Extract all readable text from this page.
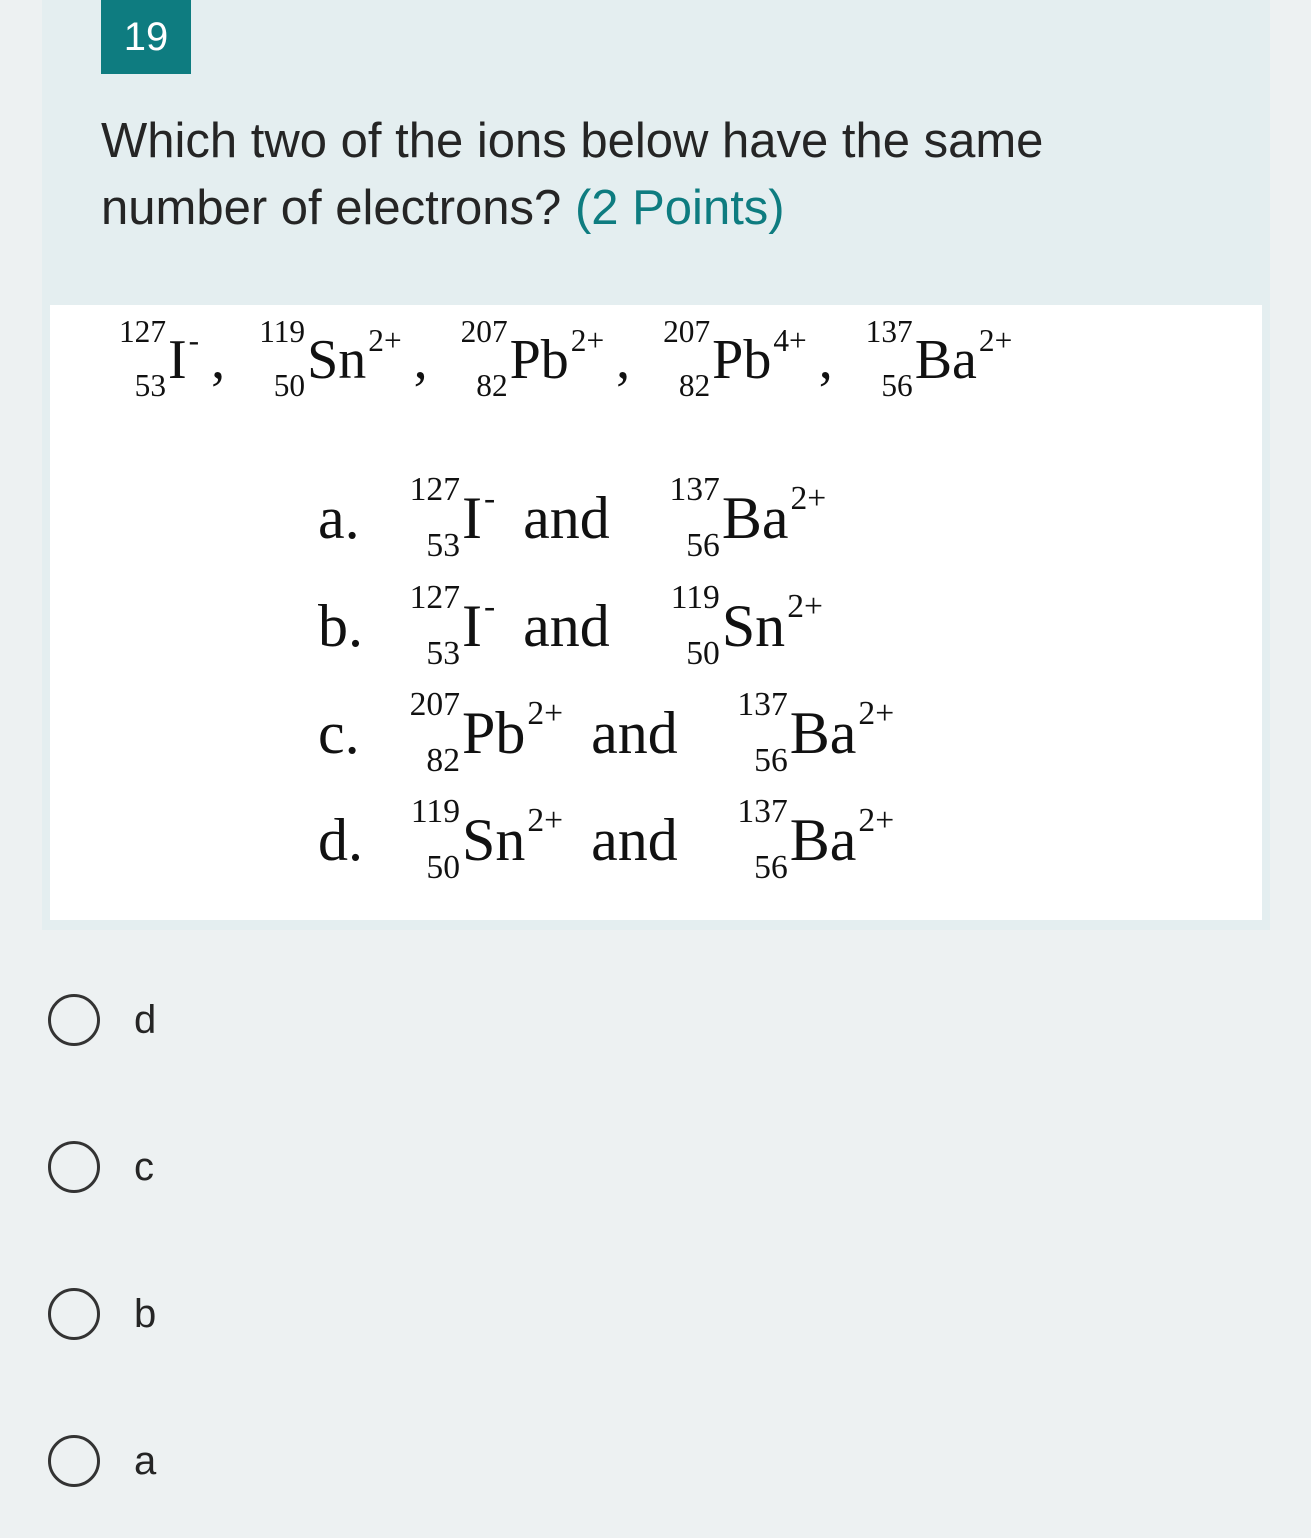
19
Which two of the ions below have the same number of electrons? (2 Points)
127
53 I- , 119
50 $Sn^{2+}$ , 207
82 $Pb^{2+}$ , 207
82 $Pb^{4+}$ , 137
56 $Ba^{2+}$
a. 127
53 I- and 137
56 $Ba^{2+}$
b. 127
53 I- and 119
50 $Sn^{2+}$
c. 207
82 $Pb^{2+}$ and 137
56 $Ba^{2+}$
d. 119
50 $Sn^{2+}$ and 137
56 $Ba^{2+}$
d
c
b
a
